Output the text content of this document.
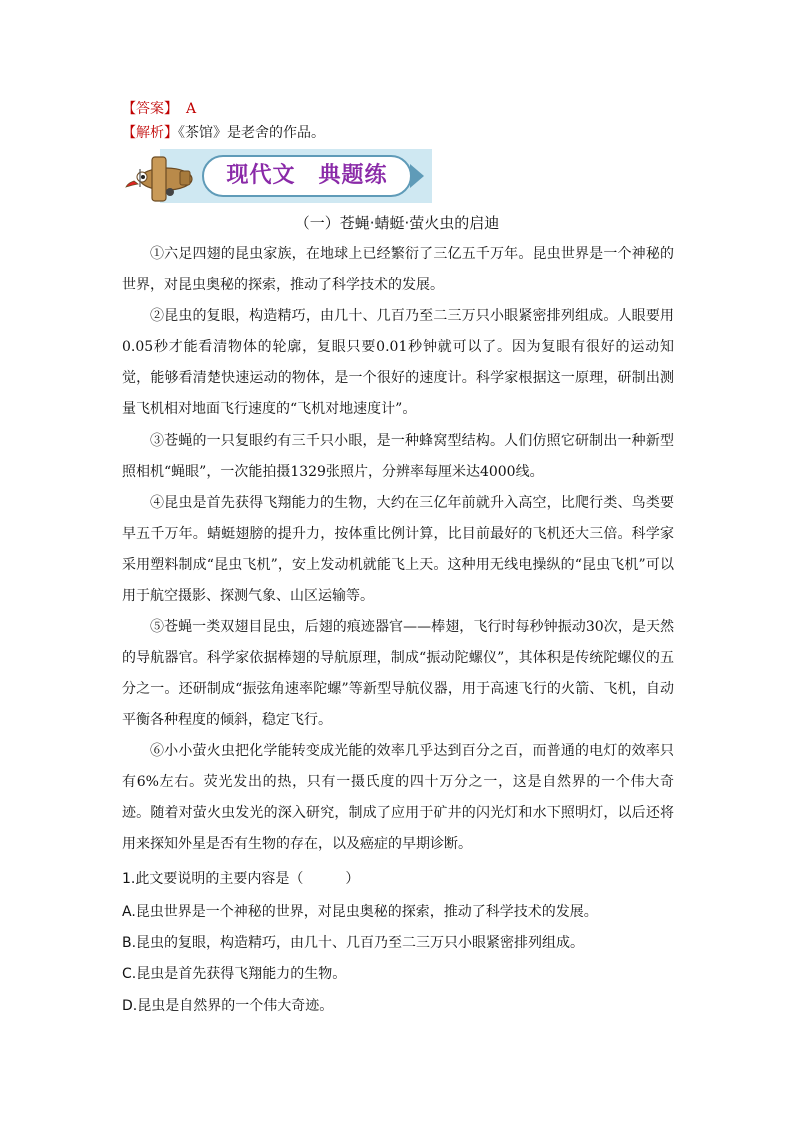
【答案】 A
【解析】《茶馆》是老舍的作品。
现代文　典题练
（一）苍蝇·蜻蜓·萤火虫的启迪

①六足四翅的昆虫家族，在地球上已经繁衍了三亿五千万年。昆虫世界是一个神秘的世界，对昆虫奥秘的探索，推动了科学技术的发展。

②昆虫的复眼，构造精巧，由几十、几百乃至二三万只小眼紧密排列组成。人眼要用0.05秒才能看清物体的轮廓，复眼只要0.01秒钟就可以了。因为复眼有很好的运动知觉，能够看清楚快速运动的物体，是一个很好的速度计。科学家根据这一原理，研制出测量飞机相对地面飞行速度的“飞机对地速度计”。

③苍蝇的一只复眼约有三千只小眼，是一种蜂窝型结构。人们仿照它研制出一种新型照相机“蝇眼”，一次能拍摄1329张照片，分辨率每厘米达4000线。

④昆虫是首先获得飞翔能力的生物，大约在三亿年前就升入高空，比爬行类、鸟类要早五千万年。蜻蜓翅膀的提升力，按体重比例计算，比目前最好的飞机还大三倍。科学家采用塑料制成“昆虫飞机”，安上发动机就能飞上天。这种用无线电操纵的“昆虫飞机”可以用于航空摄影、探测气象、山区运输等。

⑤苍蝇一类双翅目昆虫，后翅的痕迹器官——棒翅，飞行时每秒钟振动30次，是天然的导航器官。科学家依据棒翅的导航原理，制成“振动陀螺仪”，其体积是传统陀螺仪的五分之一。还研制成“振弦角速率陀螺”等新型导航仪器，用于高速飞行的火箭、飞机，自动平衡各种程度的倾斜，稳定飞行。

⑥小小萤火虫把化学能转变成光能的效率几乎达到百分之百，而普通的电灯的效率只有6%左右。荧光发出的热，只有一摄氏度的四十万分之一，这是自然界的一个伟大奇迹。随着对萤火虫发光的深入研究，制成了应用于矿井的闪光灯和水下照明灯，以后还将用来探知外星是否有生物的存在，以及癌症的早期诊断。

1.此文要说明的主要内容是（　　　）
A.昆虫世界是一个神秘的世界，对昆虫奥秘的探索，推动了科学技术的发展。
B.昆虫的复眼，构造精巧，由几十、几百乃至二三万只小眼紧密排列组成。
C.昆虫是首先获得飞翔能力的生物。
D.昆虫是自然界的一个伟大奇迹。
